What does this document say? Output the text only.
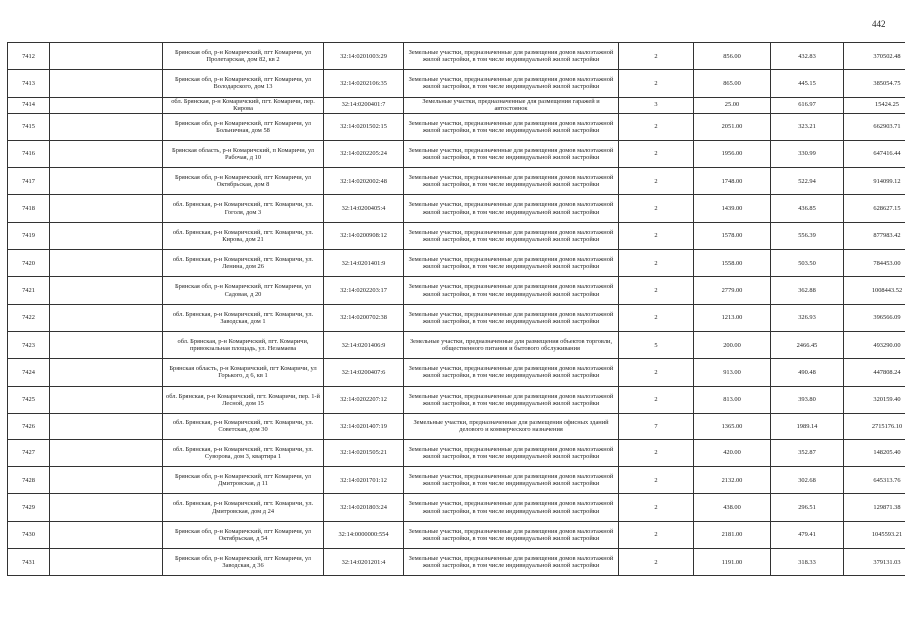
442
7412		Брянская обл, р-н Комаричский, пгт Комаричи, ул Пролетарская, дом 82, кв 2	32:14:0201003:29	Земельные участки, предназначенные для размещения домов малоэтажной жилой застройки, в том числе индивидуальной жилой застройки	2	856.00	432.83	370502.48
7413		Брянская обл, р-н Комаричский, пгт Комаричи, ул Володарского, дом 13	32:14:0202106:35	Земельные участки, предназначенные для размещения домов малоэтажной жилой застройки, в том числе индивидуальной жилой застройки	2	865.00	445.15	385054.75
7414		обл. Брянская, р-н Комаричский, пгт. Комаричи, пер. Кирова	32:14:0200401:7	Земельные участки, предназначенные для размещения гаражей и автостоянок	3	25.00	616.97	15424.25
7415		Брянская обл, р-н Комаричский, пгт Комаричи, ул Больничная, дом 58	32:14:0201502:15	Земельные участки, предназначенные для размещения домов малоэтажной жилой застройки, в том числе индивидуальной жилой застройки	2	2051.00	323.21	662903.71
7416		Брянская область, р-н Комаричский, п Комаричи, ул Рабочая, д 10	32:14:0202205:24	Земельные участки, предназначенные для размещения домов малоэтажной жилой застройки, в том числе индивидуальной жилой застройки	2	1956.00	330.99	647416.44
7417		Брянская обл, р-н Комаричский, пгт Комаричи, ул Октябрьская, дом 8	32:14:0202002:48	Земельные участки, предназначенные для размещения домов малоэтажной жилой застройки, в том числе индивидуальной жилой застройки	2	1748.00	522.94	914099.12
7418		обл. Брянская, р-н Комаричский, пгт. Комаричи, ул. Гоголя, дом 3	32:14:0200405:4	Земельные участки, предназначенные для размещения домов малоэтажной жилой застройки, в том числе индивидуальной жилой застройки	2	1439.00	436.85	628627.15
7419		обл. Брянская, р-н Комаричский, пгт. Комаричи, ул. Кирова, дом 21	32:14:0200908:12	Земельные участки, предназначенные для размещения домов малоэтажной жилой застройки, в том числе индивидуальной жилой застройки	2	1578.00	556.39	877983.42
7420		обл. Брянская, р-н Комаричский, пгт. Комаричи, ул. Ленина, дом 26	32:14:0201401:9	Земельные участки, предназначенные для размещения домов малоэтажной жилой застройки, в том числе индивидуальной жилой застройки	2	1558.00	503.50	784453.00
7421		Брянская обл, р-н Комаричский, пгт Комаричи, ул Садовая, д 20	32:14:0202203:17	Земельные участки, предназначенные для размещения домов малоэтажной жилой застройки, в том числе индивидуальной жилой застройки	2	2779.00	362.88	1008443.52
7422		обл. Брянская, р-н Комаричский, пгт. Комаричи, ул. Заводская, дом 1	32:14:0200702:38	Земельные участки, предназначенные для размещения домов малоэтажной жилой застройки, в том числе индивидуальной жилой застройки	2	1213.00	326.93	396566.09
7423		обл. Брянская, р-н Комаричский, пгт. Комаричи, привокзальная площадь, ул. Незамаева	32:14:0201406:9	Земельные участки, предназначенные для размещения объектов торговли, общественного питания и бытового обслуживания	5	200.00	2466.45	493290.00
7424		Брянская область, р-н Комаричский, пгт Комаричи, ул Горького, д 6, кв 1	32:14:0200407:6	Земельные участки, предназначенные для размещения домов малоэтажной жилой застройки, в том числе индивидуальной жилой застройки	2	913.00	490.48	447808.24
7425		обл. Брянская, р-н Комаричский, пгт. Комаричи, пер. 1-й Лесной, дом 15	32:14:0202207:12	Земельные участки, предназначенные для размещения домов малоэтажной жилой застройки, в том числе индивидуальной жилой застройки	2	813.00	393.80	320159.40
7426		обл. Брянская, р-н Комаричский, пгт. Комаричи, ул. Советская, дом 30	32:14:0201407:19	Земельные участки, предназначенные для размещения офисных зданий делового и коммерческого назначения	7	1365.00	1989.14	2715176.10
7427		обл. Брянская, р-н Комаричский, пгт. Комаричи, ул. Суворова, дом 3, квартира 1	32:14:0201505:21	Земельные участки, предназначенные для размещения домов малоэтажной жилой застройки, в том числе индивидуальной жилой застройки	2	420.00	352.87	148205.40
7428		Брянская обл, р-н Комаричский, пгт Комаричи, ул Дмитровская, д 11	32:14:0201701:12	Земельные участки, предназначенные для размещения домов малоэтажной жилой застройки, в том числе индивидуальной жилой застройки	2	2132.00	302.68	645313.76
7429		обл. Брянская, р-н Комаричский, пгт. Комаричи, ул. Дмитровская, дом д 24	32:14:0201803:24	Земельные участки, предназначенные для размещения домов малоэтажной жилой застройки, в том числе индивидуальной жилой застройки	2	438.00	296.51	129871.38
7430		Брянская обл, р-н Комаричский, пгт Комаричи, ул Октябрьская, д 54	32:14:0000000:554	Земельные участки, предназначенные для размещения домов малоэтажной жилой застройки, в том числе индивидуальной жилой застройки	2	2181.00	479.41	1045593.21
7431		Брянская обл, р-н Комаричский, пгт Комаричи, ул Заводская, д 36	32:14:0201201:4	Земельные участки, предназначенные для размещения домов малоэтажной жилой застройки, в том числе индивидуальной жилой застройки	2	1191.00	318.33	379131.03
